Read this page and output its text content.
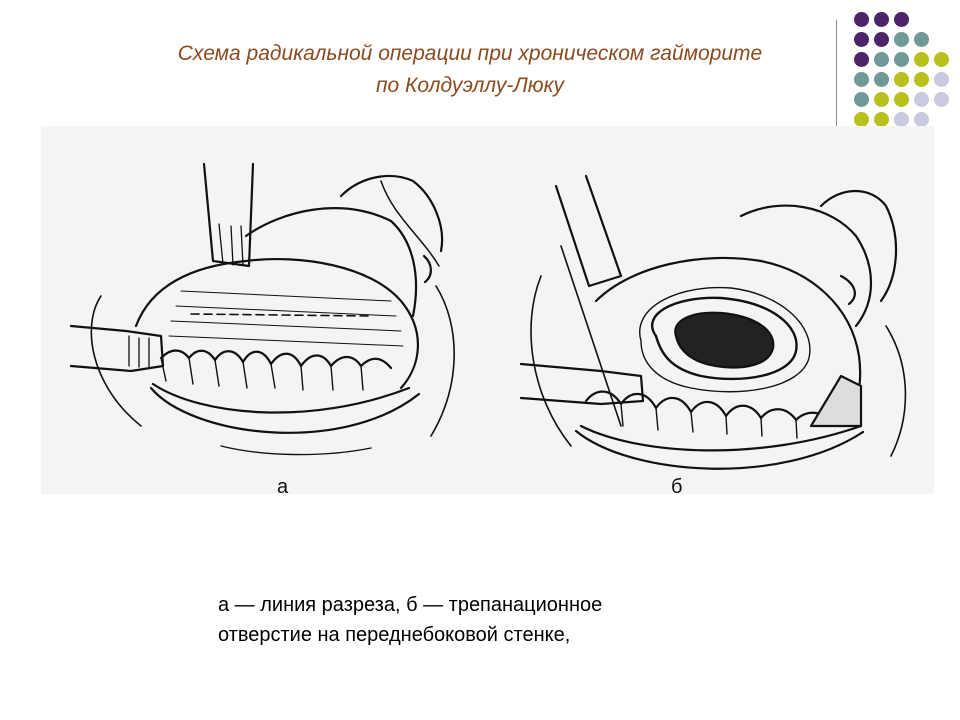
Схема радикальной операции при хроническом гайморите
по Колдуэллу-Люку
а	б
а — линия разреза, б — трепанационное
отверстие на переднебоковой стенке,
